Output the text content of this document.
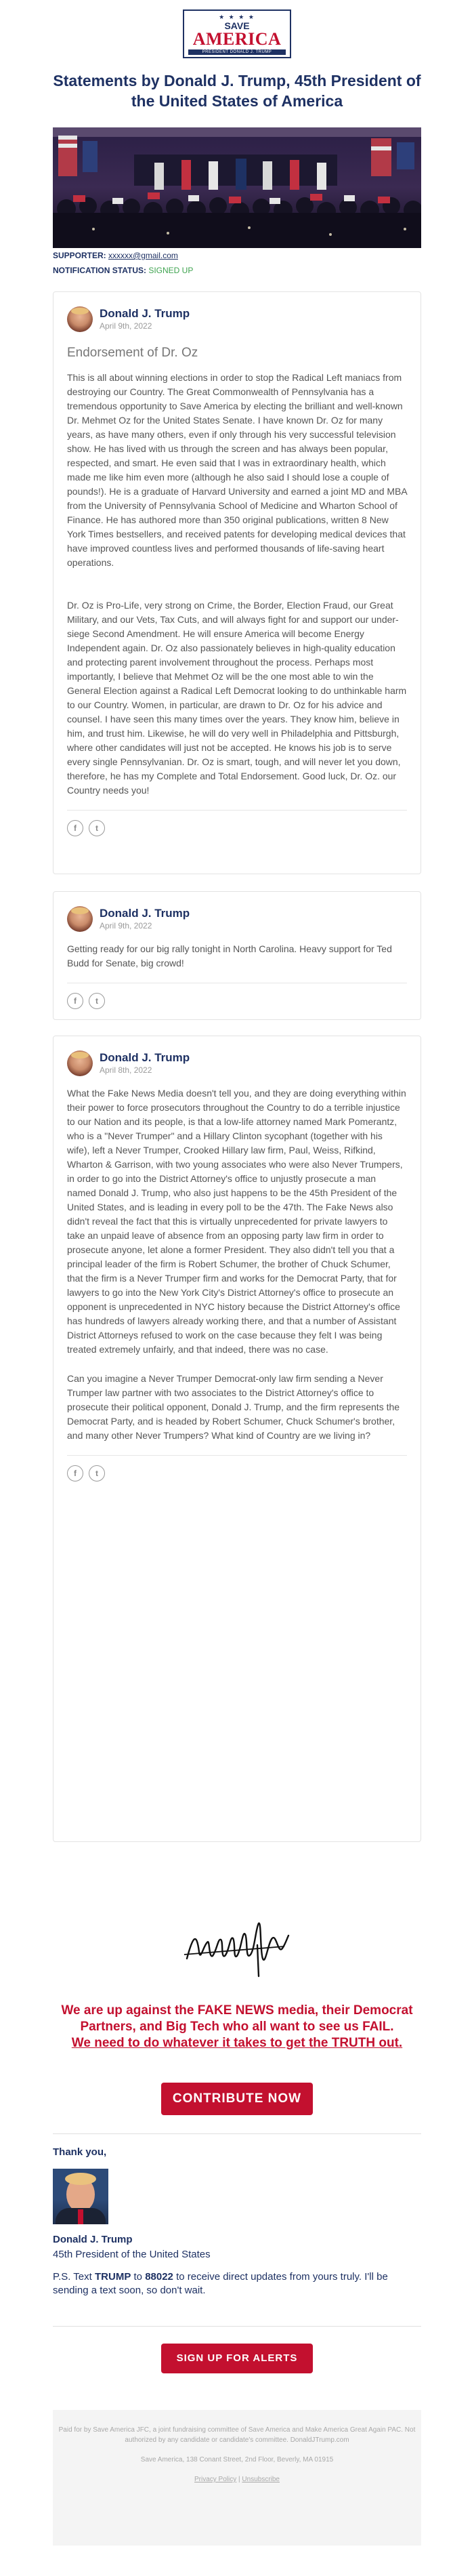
★ ★ ★ ★
SAVE
AMERICA
PRESIDENT DONALD J. TRUMP
Statements by Donald J. Trump, 45th President of the United States of America
SUPPORTER: xxxxxx@gmail.com
NOTIFICATION STATUS: SIGNED UP
Donald J. Trump
April 9th, 2022
Endorsement of Dr. Oz

This is all about winning elections in order to stop the Radical Left maniacs from destroying our Country. The Great Commonwealth of Pennsylvania has a tremendous opportunity to Save America by electing the brilliant and well-known Dr. Mehmet Oz for the United States Senate. I have known Dr. Oz for many years, as have many others, even if only through his very successful television show. He has lived with us through the screen and has always been popular, respected, and smart. He even said that I was in extraordinary health, which made me like him even more (although he also said I should lose a couple of pounds!). He is a graduate of Harvard University and earned a joint MD and MBA from the University of Pennsylvania School of Medicine and Wharton School of Finance. He has authored more than 350 original publications, written 8 New York Times bestsellers, and received patents for developing medical devices that have improved countless lives and performed thousands of life-saving heart operations.

Dr. Oz is Pro-Life, very strong on Crime, the Border, Election Fraud, our Great Military, and our Vets, Tax Cuts, and will always fight for and support our under-siege Second Amendment. He will ensure America will become Energy Independent again. Dr. Oz also passionately believes in high-quality education and protecting parent involvement throughout the process. Perhaps most importantly, I believe that Mehmet Oz will be the one most able to win the General Election against a Radical Left Democrat looking to do unthinkable harm to our Country. Women, in particular, are drawn to Dr. Oz for his advice and counsel. I have seen this many times over the years. They know him, believe in him, and trust him. Likewise, he will do very well in Philadelphia and Pittsburgh, where other candidates will just not be accepted. He knows his job is to serve every single Pennsylvanian. Dr. Oz is smart, tough, and will never let you down, therefore, he has my Complete and Total Endorsement. Good luck, Dr. Oz. our Country needs you!

f	t
Donald J. Trump
April 9th, 2022

Getting ready for our big rally tonight in North Carolina. Heavy support for Ted Budd for Senate, big crowd!

f	t
Donald J. Trump
April 8th, 2022

What the Fake News Media doesn't tell you, and they are doing everything within their power to force prosecutors throughout the Country to do a terrible injustice to our Nation and its people, is that a low-life attorney named Mark Pomerantz, who is a "Never Trumper" and a Hillary Clinton sycophant (together with his wife), left a Never Trumper, Crooked Hillary law firm, Paul, Weiss, Rifkind, Wharton & Garrison, with two young associates who were also Never Trumpers, in order to go into the District Attorney's office to unjustly prosecute a man named Donald J. Trump, who also just happens to be the 45th President of the United States, and is leading in every poll to be the 47th. The Fake News also didn't reveal the fact that this is virtually unprecedented for private lawyers to take an unpaid leave of absence from an opposing party law firm in order to prosecute anyone, let alone a former President. They also didn't tell you that a principal leader of the firm is Robert Schumer, the brother of Chuck Schumer, that the firm is a Never Trumper firm and works for the Democrat Party, that for lawyers to go into the New York City's District Attorney's office to prosecute an opponent is unprecedented in NYC history because the District Attorney's office has hundreds of lawyers already working there, and that a number of Assistant District Attorneys refused to work on the case because they felt I was being treated extremely unfairly, and that indeed, there was no case.

Can you imagine a Never Trumper Democrat-only law firm sending a Never Trumper law partner with two associates to the District Attorney's office to prosecute their political opponent, Donald J. Trump, and the firm represents the Democrat Party, and is headed by Robert Schumer, Chuck Schumer's brother, and many other Never Trumpers? What kind of Country are we living in?

f	t
We are up against the FAKE NEWS media, their Democrat Partners, and Big Tech who all want to see us FAIL.
We need to do whatever it takes to get the TRUTH out.
CONTRIBUTE NOW
Thank you,
Donald J. Trump
45th President of the United States
P.S. Text TRUMP to 88022 to receive direct updates from yours truly. I'll be sending a text soon, so don't wait.
SIGN UP FOR ALERTS
Paid for by Save America JFC, a joint fundraising committee of Save America and Make America Great Again PAC. Not authorized by any candidate or candidate's committee. DonaldJTrump.com
Save America, 138 Conant Street, 2nd Floor, Beverly, MA 01915
Privacy Policy | Unsubscribe
